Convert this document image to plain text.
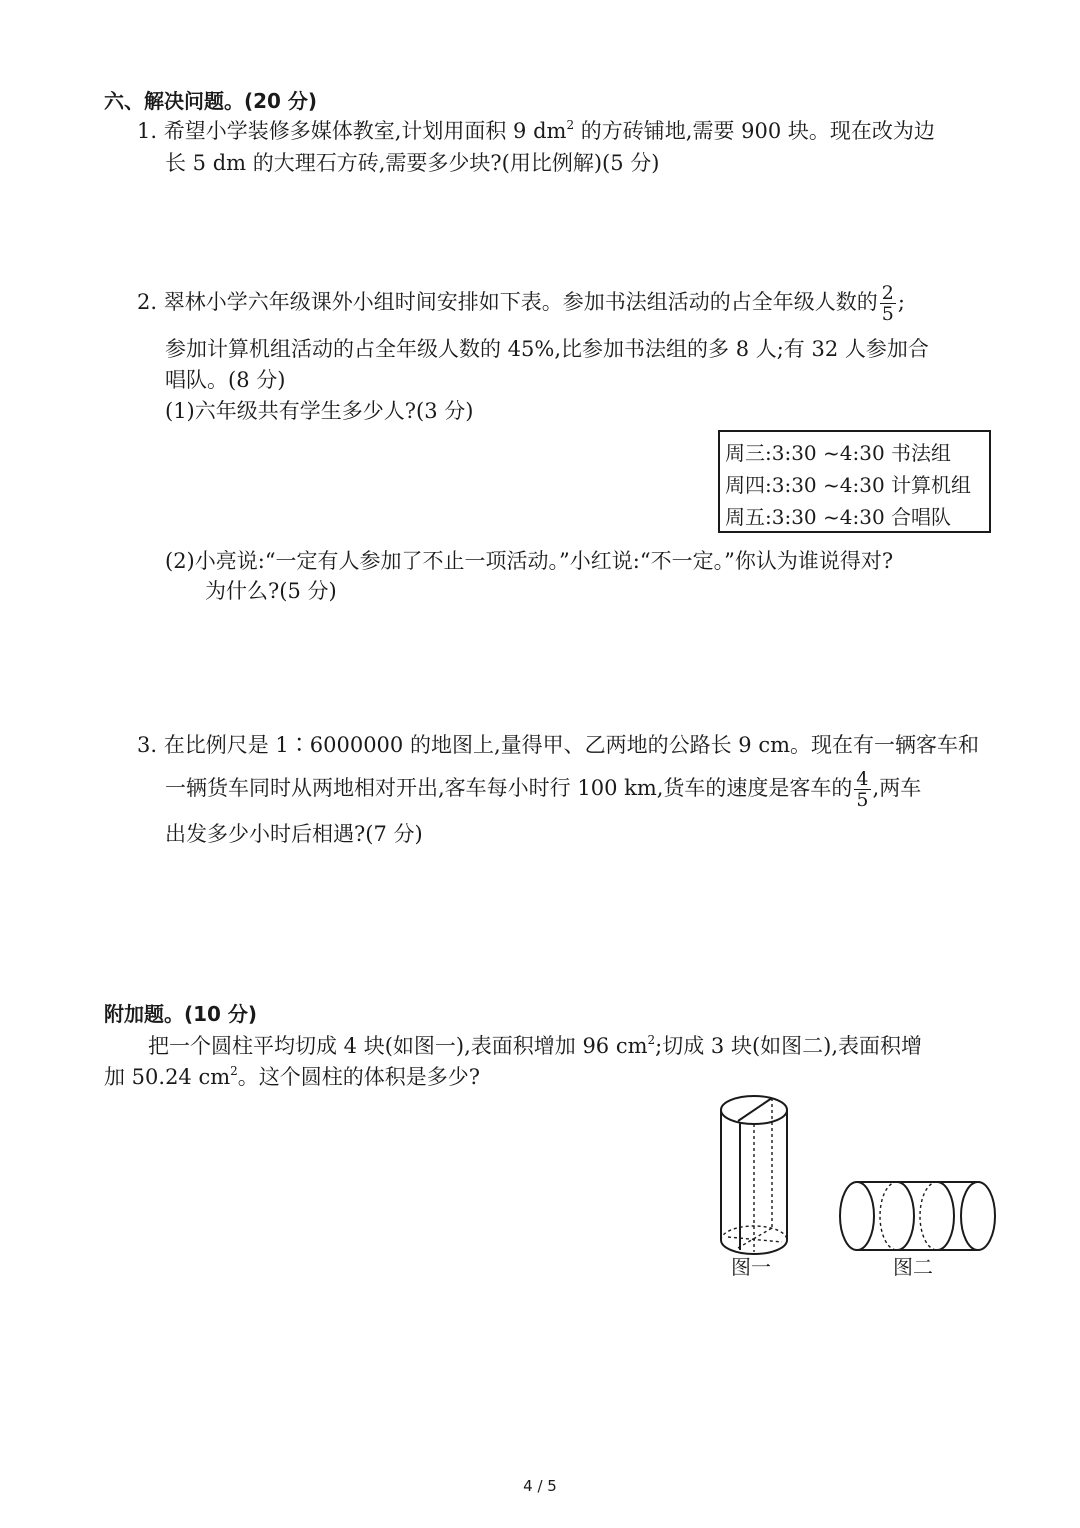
六、解决问题。(20 分)
1. 希望小学装修多媒体教室,计划用面积 9 $dm^2$ 的方砖铺地,需要 900 块。现在改为边
长 5 dm 的大理石方砖,需要多少块?(用比例解)(5 分)
2. 翠林小学六年级课外小组时间安排如下表。参加书法组活动的占全年级人数的 $\frac{2}{5}$ ;
参加计算机组活动的占全年级人数的 45%,比参加书法组的多 8 人;有 32 人参加合
唱队。(8 分)
(1)六年级共有学生多少人?(3 分)
周三:3:30 ~4:30 书法组
周四:3:30 ~4:30 计算机组
周五:3:30 ~4:30 合唱队
(2)小亮说:“一定有人参加了不止一项活动。”小红说:“不一定。”你认为谁说得对?
为什么?(5 分)
3. 在比例尺是 1∶6000000 的地图上,量得甲、乙两地的公路长 9 cm。现在有一辆客车和
一辆货车同时从两地相对开出,客车每小时行 100 km,货车的速度是客车的 $\frac{4}{5}$ ,两车
出发多少小时后相遇?(7 分)
附加题。(10 分)
把一个圆柱平均切成 4 块(如图一),表面积增加 96 $cm^2$;切成 3 块(如图二),表面积增
加 50.24 $cm^2$。这个圆柱的体积是多少?
图一	图二
4 / 5
